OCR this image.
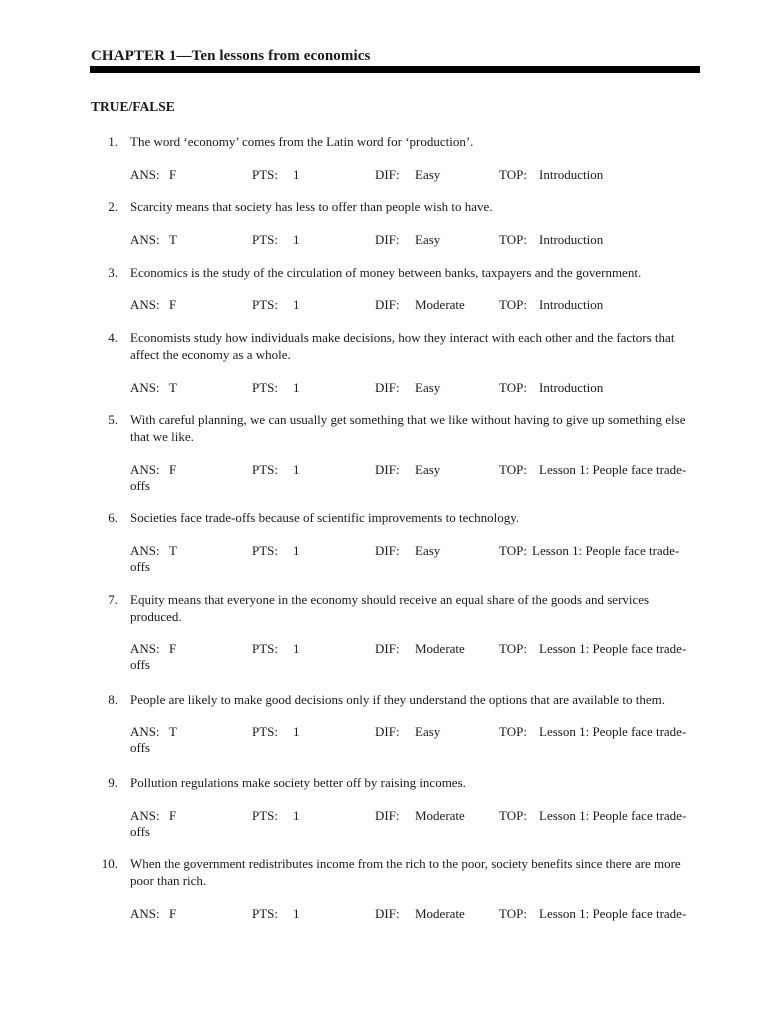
CHAPTER 1—Ten lessons from economics
TRUE/FALSE
1. The word ‘economy’ comes from the Latin word for ‘production’.
ANS: F	PTS: 1	DIF: Easy	TOP: Introduction
2. Scarcity means that society has less to offer than people wish to have.
ANS: T	PTS: 1	DIF: Easy	TOP: Introduction
3. Economics is the study of the circulation of money between banks, taxpayers and the government.
ANS: F	PTS: 1	DIF: Moderate	TOP: Introduction
4. Economists study how individuals make decisions, how they interact with each other and the factors that affect the economy as a whole.
ANS: T	PTS: 1	DIF: Easy	TOP: Introduction
5. With careful planning, we can usually get something that we like without having to give up something else that we like.
ANS: F	PTS: 1	DIF: Easy	TOP: Lesson 1: People face trade-
offs
6. Societies face trade-offs because of scientific improvements to technology.
ANS: T	PTS: 1	DIF: Easy	TOP: Lesson 1: People face trade-
offs
7. Equity means that everyone in the economy should receive an equal share of the goods and services produced.
ANS: F	PTS: 1	DIF: Moderate	TOP: Lesson 1: People face trade-
offs
8. People are likely to make good decisions only if they understand the options that are available to them.
ANS: T	PTS: 1	DIF: Easy	TOP: Lesson 1: People face trade-
offs
9. Pollution regulations make society better off by raising incomes.
ANS: F	PTS: 1	DIF: Moderate	TOP: Lesson 1: People face trade-
offs
10. When the government redistributes income from the rich to the poor, society benefits since there are more poor than rich.
ANS: F	PTS: 1	DIF: Moderate	TOP: Lesson 1: People face trade-
